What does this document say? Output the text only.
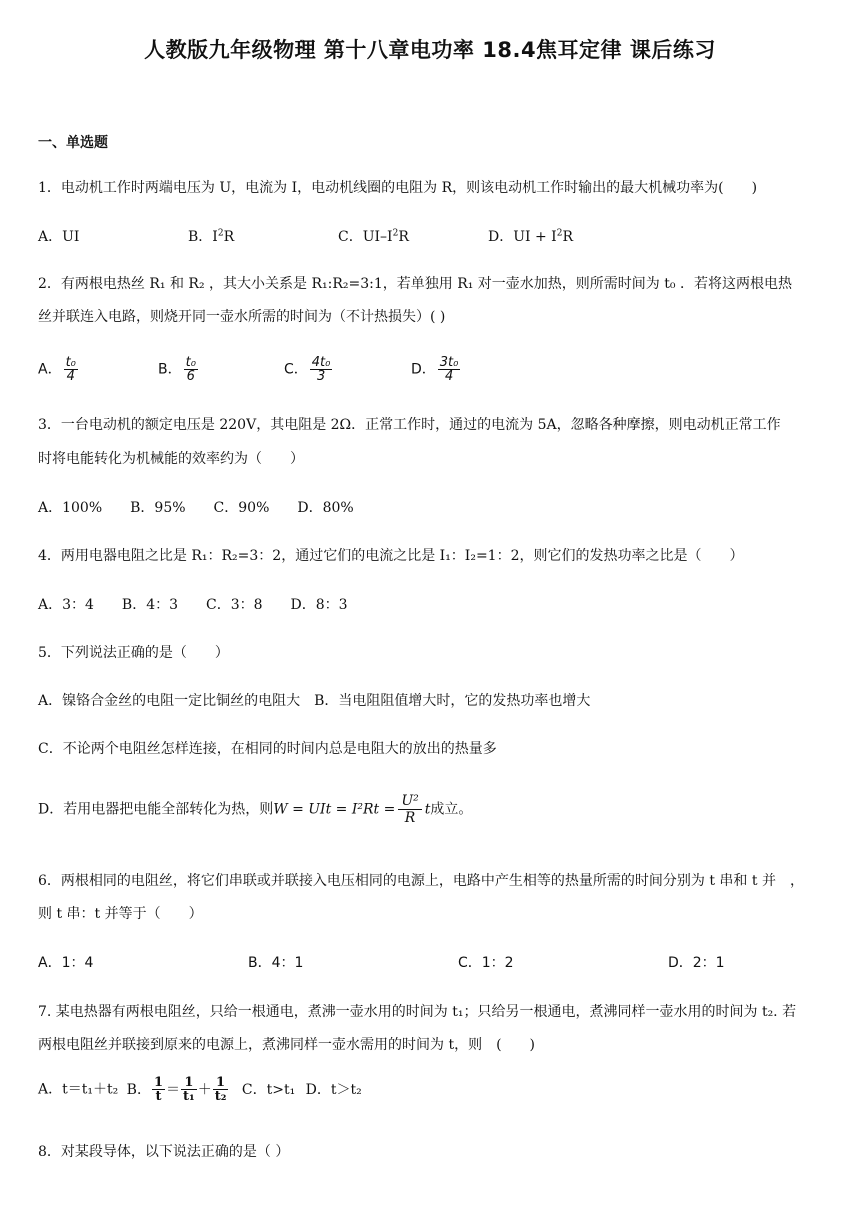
人教版九年级物理 第十八章电功率 18.4焦耳定律 课后练习
一、单选题
1．电动机工作时两端电压为 U，电流为 I，电动机线圈的电阻为 R，则该电动机工作时输出的最大机械功率为(　　)
A．UI	B．$I^2R$	C．$UI-I^2R$	D．UI + $I^2R$
2．有两根电热丝 R₁ 和 R₂ ，其大小关系是 R₁:R₂=3:1，若单独用 R₁ 对一壶水加热，则所需时间为 t₀ ．若将这两根电热
丝并联连入电路，则烧开同一壶水所需的时间为（不计热损失）( )
A． $\frac{\text{t₀}}{4}$	B． $\frac{\text{t₀}}{6}$	C． $\frac{\text{4t₀}}{3}$	D． $\frac{\text{3t₀}}{4}$
3．一台电动机的额定电压是 220V，其电阻是 2Ω．正常工作时，通过的电流为 5A，忽略各种摩擦，则电动机正常工作
时将电能转化为机械能的效率约为（　　）
A．100%　　B．95%　　C．90%　　D．80%
4．两用电器电阻之比是 R₁：R₂=3：2，通过它们的电流之比是 I₁：I₂=1：2，则它们的发热功率之比是（　　）
A．3：4　　B．4：3　　C．3：8　　D．8：3
5．下列说法正确的是（　　）
A．镍铬合金丝的电阻一定比铜丝的电阻大　B．当电阻阻值增大时，它的发热功率也增大
C．不论两个电阻丝怎样连接，在相同的时间内总是电阻大的放出的热量多
D．若用电器把电能全部转化为热，则W = UIt = $I^2Rt = \frac{\text{U²}}{R}$ t成立。
6．两根相同的电阻丝，将它们串联或并联接入电压相同的电源上，电路中产生相等的热量所需的时间分别为 t 串和 t 并　，
则 t 串：t 并等于（　　）
A．1：4	B．4：1	C．1：2	D．2：1
7. 某电热器有两根电阻丝，只给一根通电，煮沸一壶水用的时间为 t₁；只给另一根通电，煮沸同样一壶水用的时间为 t₂. 若
两根电阻丝并联接到原来的电源上，煮沸同样一壶水需用的时间为 t，则　(　　)
A．t＝t₁＋t₂ B． $\frac{1}{t} = \frac{1}{\text{t₁}} + \frac{1}{\text{t₂}}$ C．t>t₁ D．t＞t₂
8．对某段导体，以下说法正确的是（ ）
